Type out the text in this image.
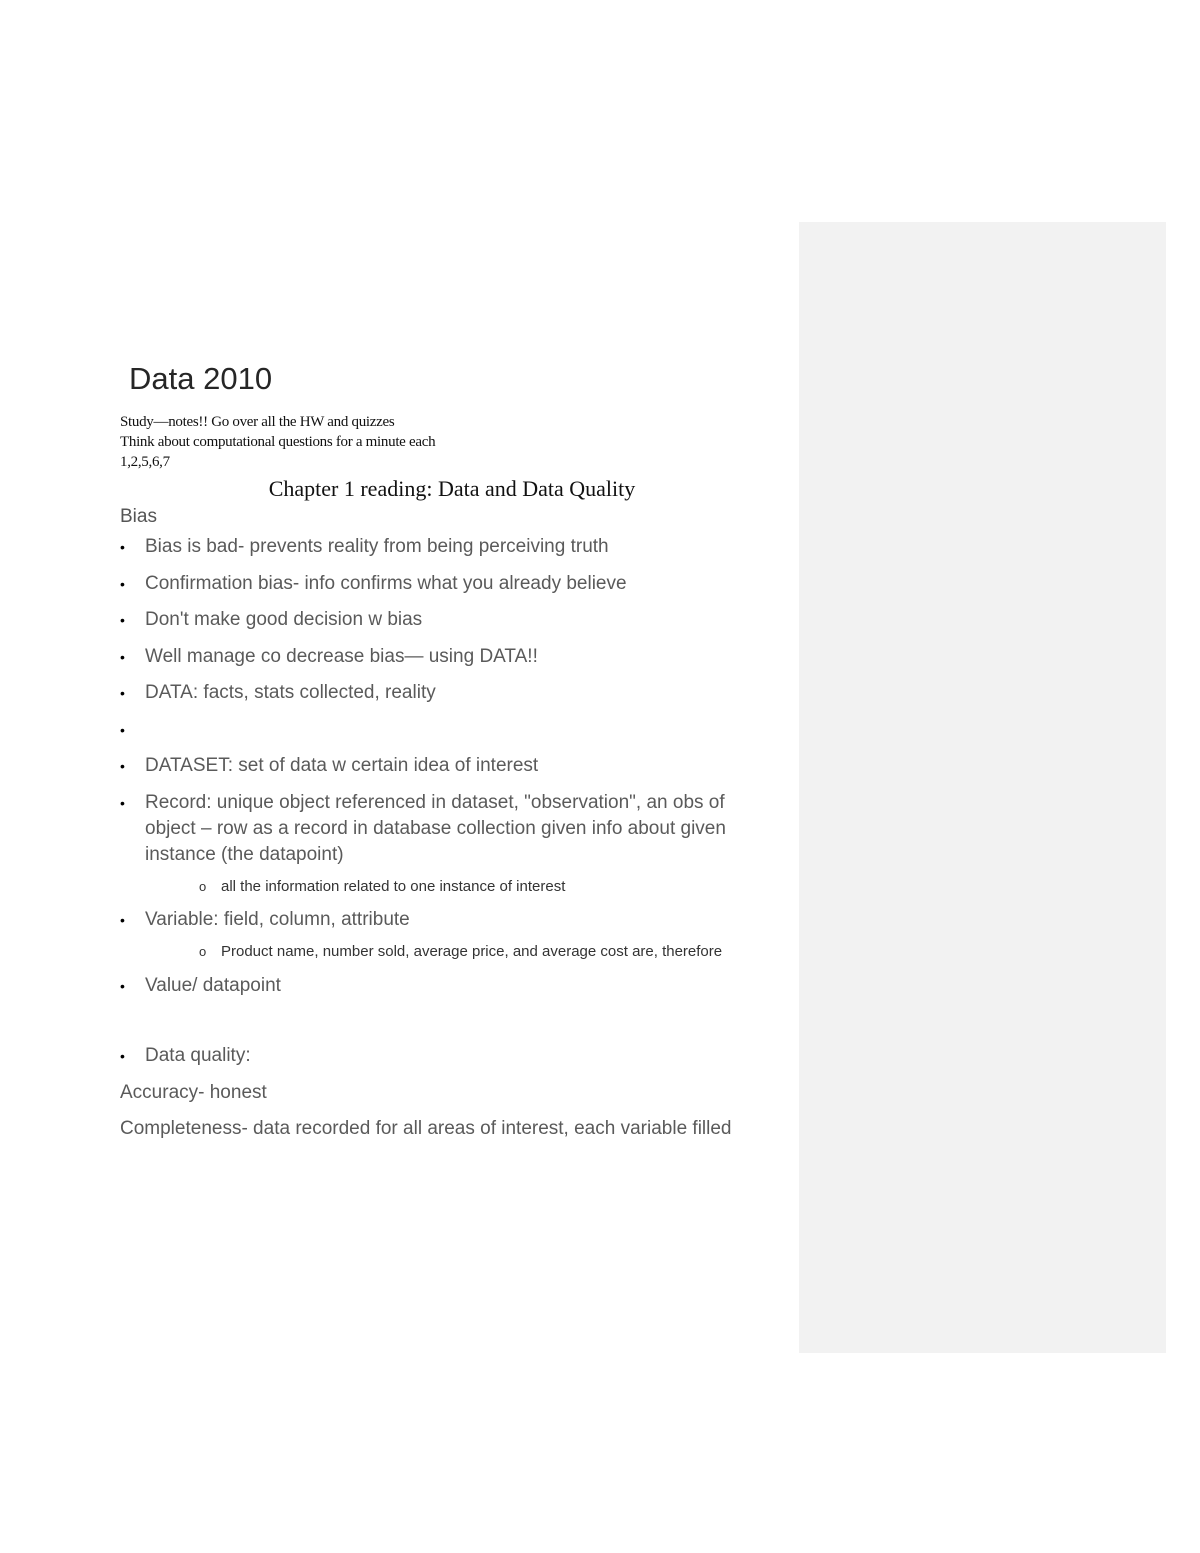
Data 2010
Study—notes!! Go over all the HW and quizzes
Think about computational questions for a minute each
1,2,5,6,7
Chapter 1 reading: Data and Data Quality
Bias
• Bias is bad- prevents reality from being perceiving truth
• Confirmation bias- info confirms what you already believe
• Don't make good decision w bias
• Well manage co decrease bias— using DATA!!
• DATA: facts, stats collected, reality
•
• DATASET: set of data w certain idea of interest
• Record: unique object referenced in dataset, "observation", an obs of object – row as a record in database collection given info about given instance (the datapoint)
o all the information related to one instance of interest
• Variable: field, column, attribute
o Product name, number sold, average price, and average cost are, therefore
• Value/ datapoint
• Data quality:
Accuracy- honest
Completeness- data recorded for all areas of interest, each variable filled
